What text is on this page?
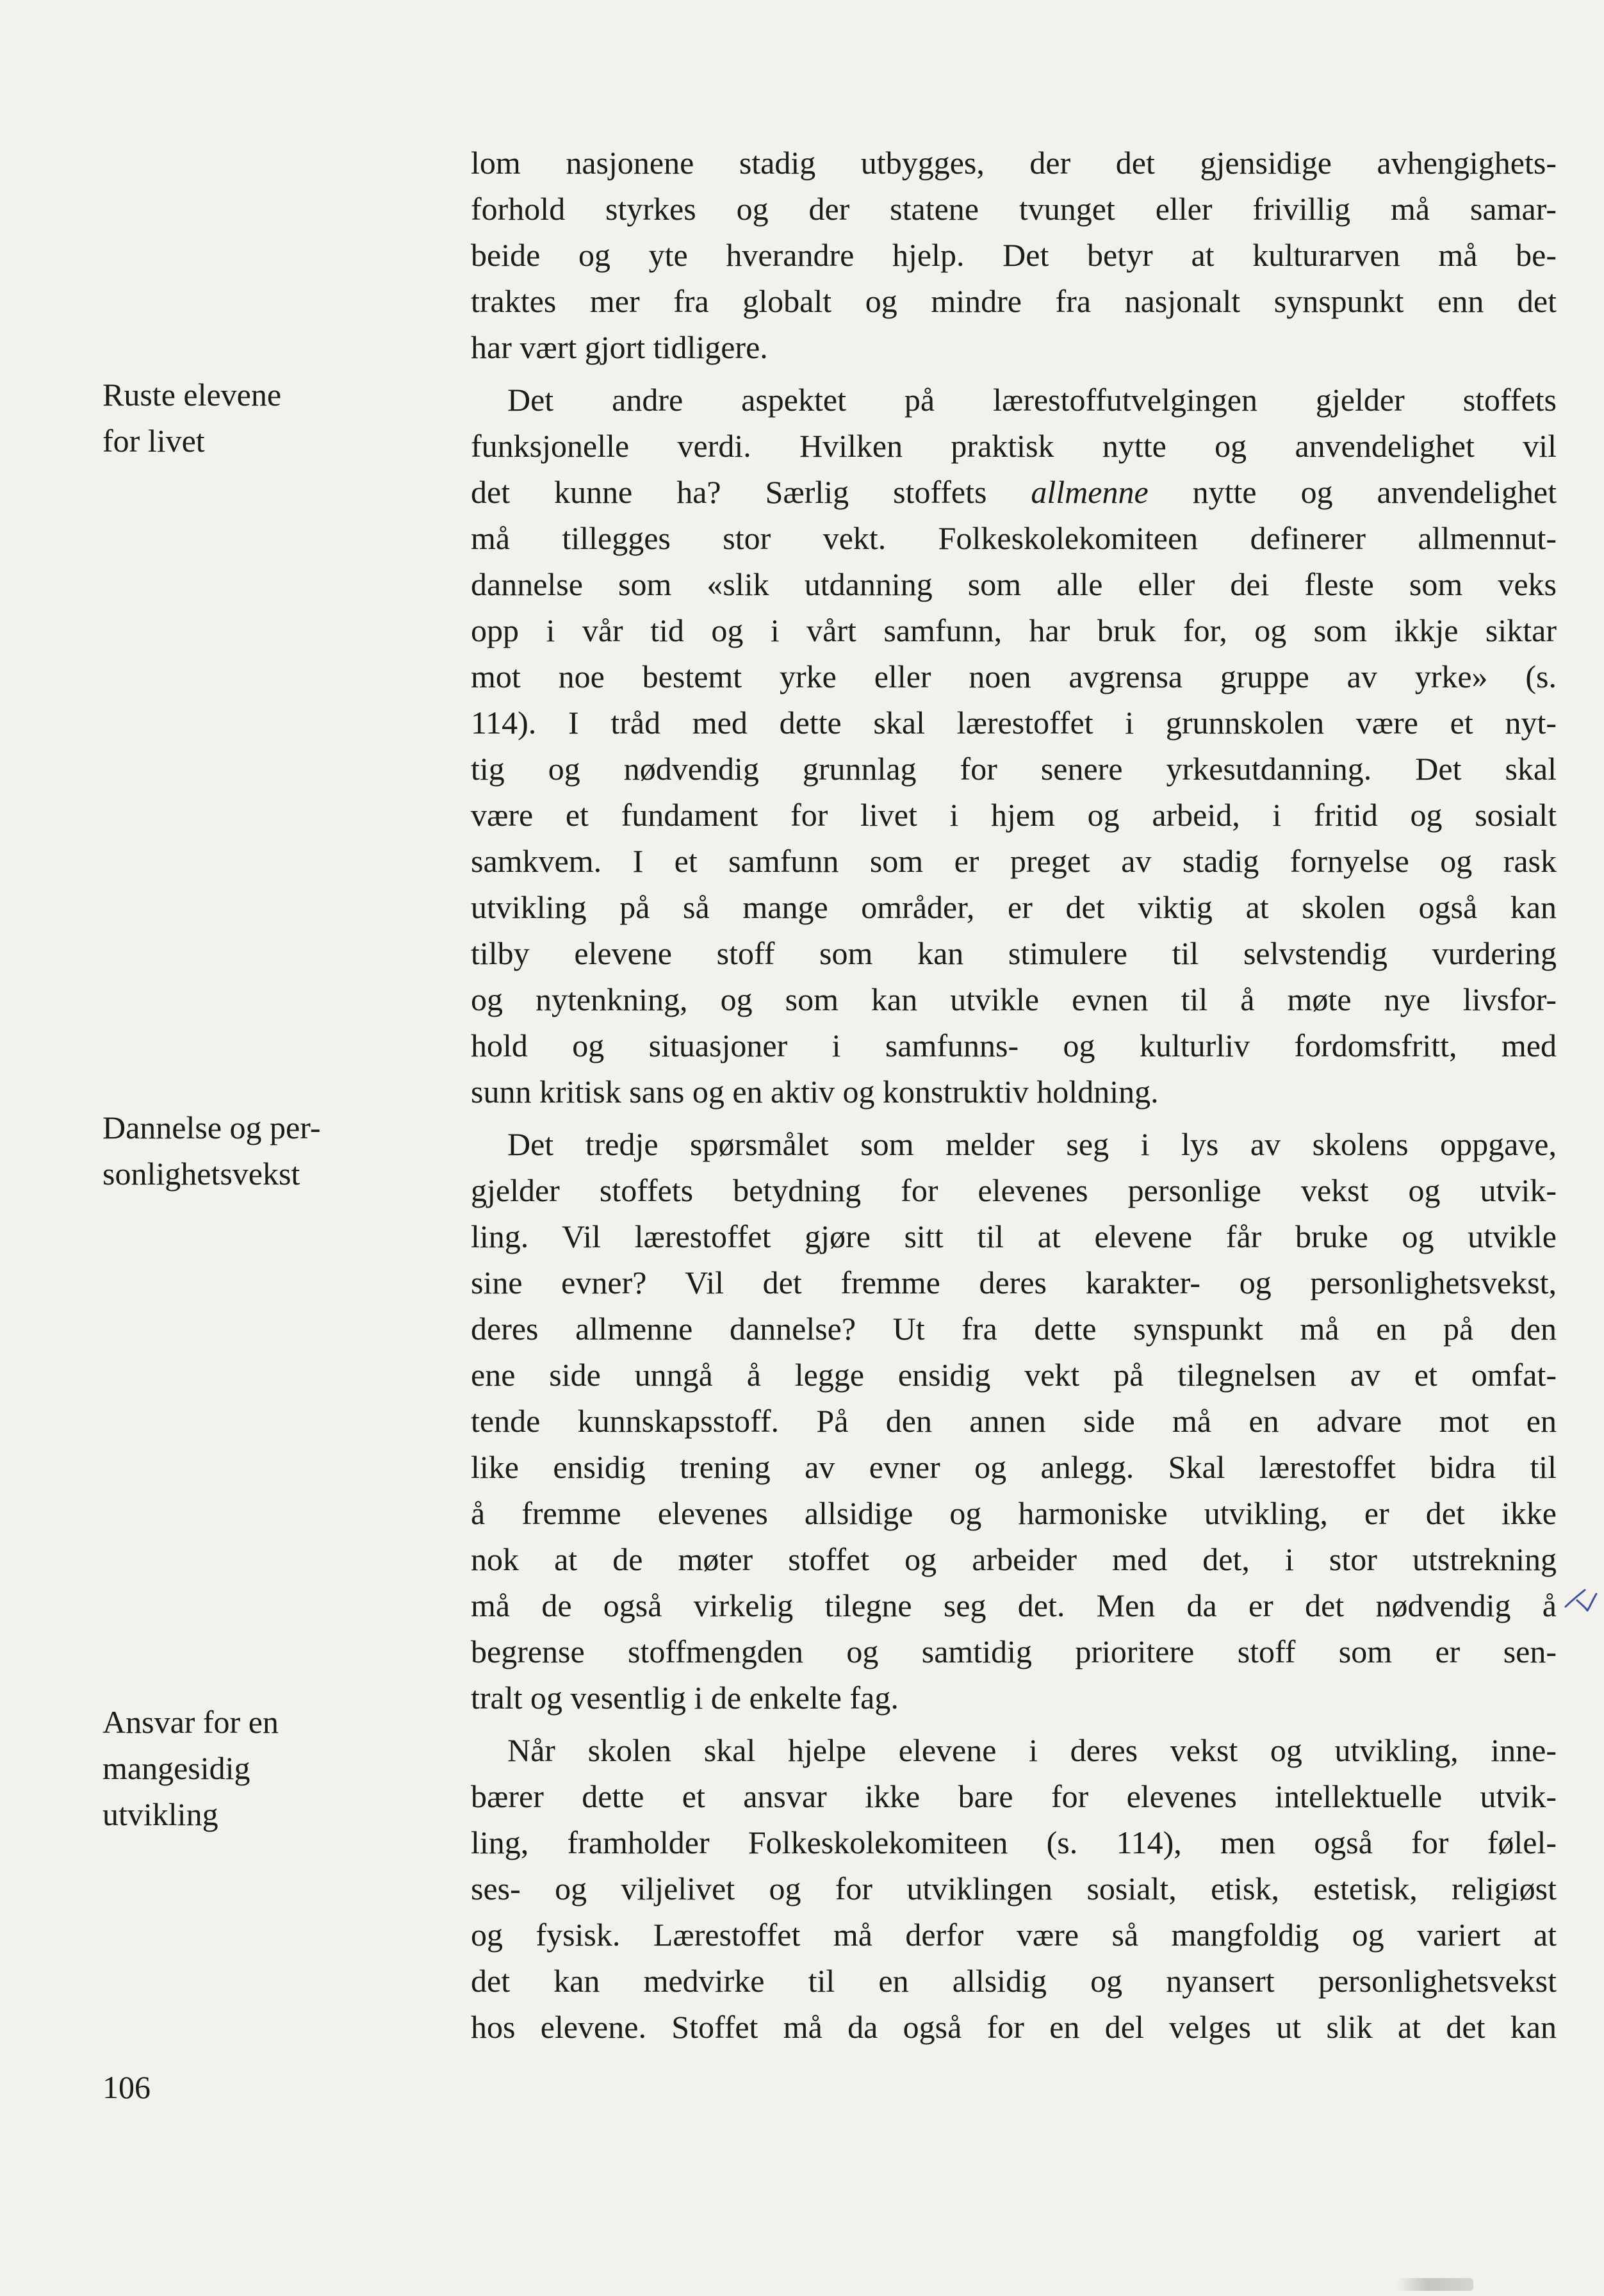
Ruste elevene
for livet
Dannelse og per-
sonlighetsvekst
Ansvar for en
mangesidig
utvikling
lom nasjonene stadig utbygges, der det gjensidige avhengighets-
forhold styrkes og der statene tvunget eller frivillig må samar-
beide og yte hverandre hjelp. Det betyr at kulturarven må be-
traktes mer fra globalt og mindre fra nasjonalt synspunkt enn det
har vært gjort tidligere.
Det andre aspektet på lærestoffutvelgingen gjelder stoffets
funksjonelle verdi. Hvilken praktisk nytte og anvendelighet vil
det kunne ha? Særlig stoffets allmenne nytte og anvendelighet
må tillegges stor vekt. Folkeskolekomiteen definerer allmennut-
dannelse som «slik utdanning som alle eller dei fleste som veks
opp i vår tid og i vårt samfunn, har bruk for, og som ikkje siktar
mot noe bestemt yrke eller noen avgrensa gruppe av yrke» (s.
114). I tråd med dette skal lærestoffet i grunnskolen være et nyt-
tig og nødvendig grunnlag for senere yrkesutdanning. Det skal
være et fundament for livet i hjem og arbeid, i fritid og sosialt
samkvem. I et samfunn som er preget av stadig fornyelse og rask
utvikling på så mange områder, er det viktig at skolen også kan
tilby elevene stoff som kan stimulere til selvstendig vurdering
og nytenkning, og som kan utvikle evnen til å møte nye livsfor-
hold og situasjoner i samfunns- og kulturliv fordomsfritt, med
sunn kritisk sans og en aktiv og konstruktiv holdning.
Det tredje spørsmålet som melder seg i lys av skolens oppgave,
gjelder stoffets betydning for elevenes personlige vekst og utvik-
ling. Vil lærestoffet gjøre sitt til at elevene får bruke og utvikle
sine evner? Vil det fremme deres karakter- og personlighetsvekst,
deres allmenne dannelse? Ut fra dette synspunkt må en på den
ene side unngå å legge ensidig vekt på tilegnelsen av et omfat-
tende kunnskapsstoff. På den annen side må en advare mot en
like ensidig trening av evner og anlegg. Skal lærestoffet bidra til
å fremme elevenes allsidige og harmoniske utvikling, er det ikke
nok at de møter stoffet og arbeider med det, i stor utstrekning
må de også virkelig tilegne seg det. Men da er det nødvendig å
begrense stoffmengden og samtidig prioritere stoff som er sen-
tralt og vesentlig i de enkelte fag.
Når skolen skal hjelpe elevene i deres vekst og utvikling, inne-
bærer dette et ansvar ikke bare for elevenes intellektuelle utvik-
ling, framholder Folkeskolekomiteen (s. 114), men også for følel-
ses- og viljelivet og for utviklingen sosialt, etisk, estetisk, religiøst
og fysisk. Lærestoffet må derfor være så mangfoldig og variert at
det kan medvirke til en allsidig og nyansert personlighetsvekst
hos elevene. Stoffet må da også for en del velges ut slik at det kan
106
